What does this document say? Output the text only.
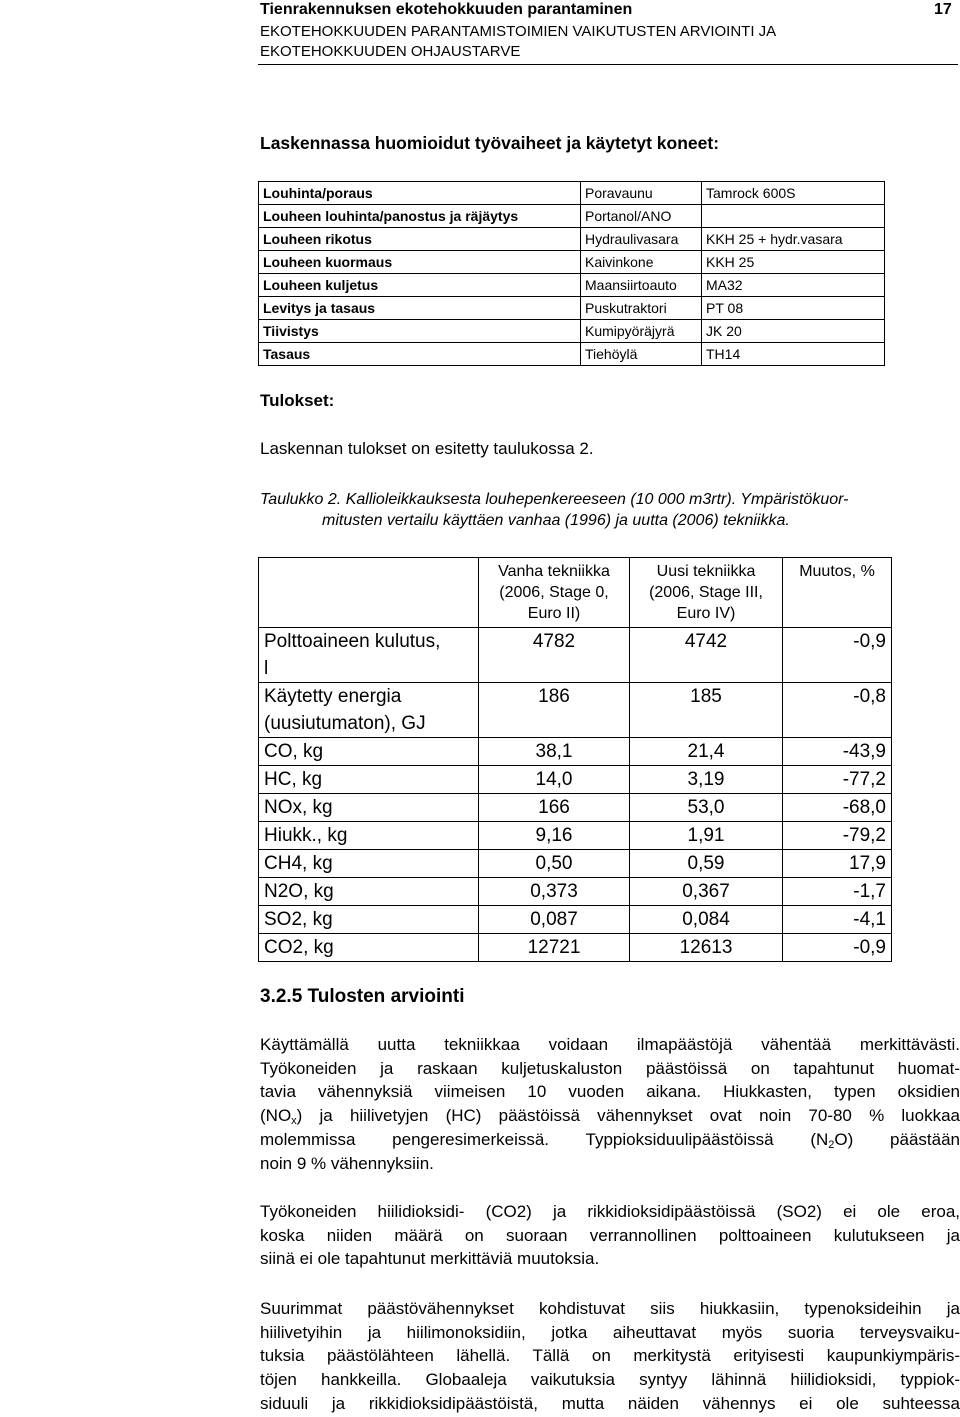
Tienrakennuksen ekotehokkuuden parantaminen	17
EKOTEHOKKUUDEN PARANTAMISTOIMIEN VAIKUTUSTEN ARVIOINTI JA
EKOTEHOKKUUDEN OHJAUSTARVE
Laskennassa huomioidut työvaiheet ja käytetyt koneet:
Louhinta/poraus	Poravaunu	Tamrock 600S
Louheen louhinta/panostus ja räjäytys	Portanol/ANO	
Louheen rikotus	Hydraulivasara	KKH 25 + hydr.vasara
Louheen kuormaus	Kaivinkone	KKH 25
Louheen kuljetus	Maansiirtoauto	MA32
Levitys ja tasaus	Puskutraktori	PT 08
Tiivistys	Kumipyöräjyrä	JK 20
Tasaus	Tiehöylä	TH14
Tulokset:
Laskennan tulokset on esitetty taulukossa 2.
Taulukko 2. Kallioleikkauksesta louhepenkereeseen (10 000 m3rtr). Ympäristökuor-
mitusten vertailu käyttäen vanhaa (1996) ja uutta (2006) tekniikka.
	Vanha tekniikka
(2006, Stage 0,
Euro II)	Uusi tekniikka
(2006, Stage III,
Euro IV)	Muutos, %
Polttoaineen kulutus,
l	4782	4742	-0,9
Käytetty energia
(uusiutumaton), GJ	186	185	-0,8
CO, kg	38,1	21,4	-43,9
HC, kg	14,0	3,19	-77,2
NOx, kg	166	53,0	-68,0
Hiukk., kg	9,16	1,91	-79,2
CH4, kg	0,50	0,59	17,9
N2O, kg	0,373	0,367	-1,7
SO2, kg	0,087	0,084	-4,1
CO2, kg	12721	12613	-0,9
3.2.5 Tulosten arviointi
Käyttämällä uutta tekniikkaa voidaan ilmapäästöjä vähentää merkittävästi.
Työkoneiden ja raskaan kuljetuskaluston päästöissä on tapahtunut huomat-
tavia vähennyksiä viimeisen 10 vuoden aikana. Hiukkasten, typen oksidien
$(NO_x)$ ja hiilivetyjen (HC) päästöissä vähennykset ovat noin 70-80 % luokkaa
molemmissa pengeresimerkeissä. Typpioksiduulipäästöissä $(N_2O)$ päästään
noin 9 % vähennyksiin.
Työkoneiden hiilidioksidi- (CO2) ja rikkidioksidipäästöissä (SO2) ei ole eroa,
koska niiden määrä on suoraan verrannollinen polttoaineen kulutukseen ja
siinä ei ole tapahtunut merkittäviä muutoksia.
Suurimmat päästövähennykset kohdistuvat siis hiukkasiin, typenoksideihin ja
hiilivetyihin ja hiilimonoksidiin, jotka aiheuttavat myös suoria terveysvaiku-
tuksia päästölähteen lähellä. Tällä on merkitystä erityisesti kaupunkiympäris-
töjen hankkeilla. Globaaleja vaikutuksia syntyy lähinnä hiilidioksidi, typpiok-
siduuli ja rikkidioksidipäästöistä, mutta näiden vähennys ei ole suhteessa
